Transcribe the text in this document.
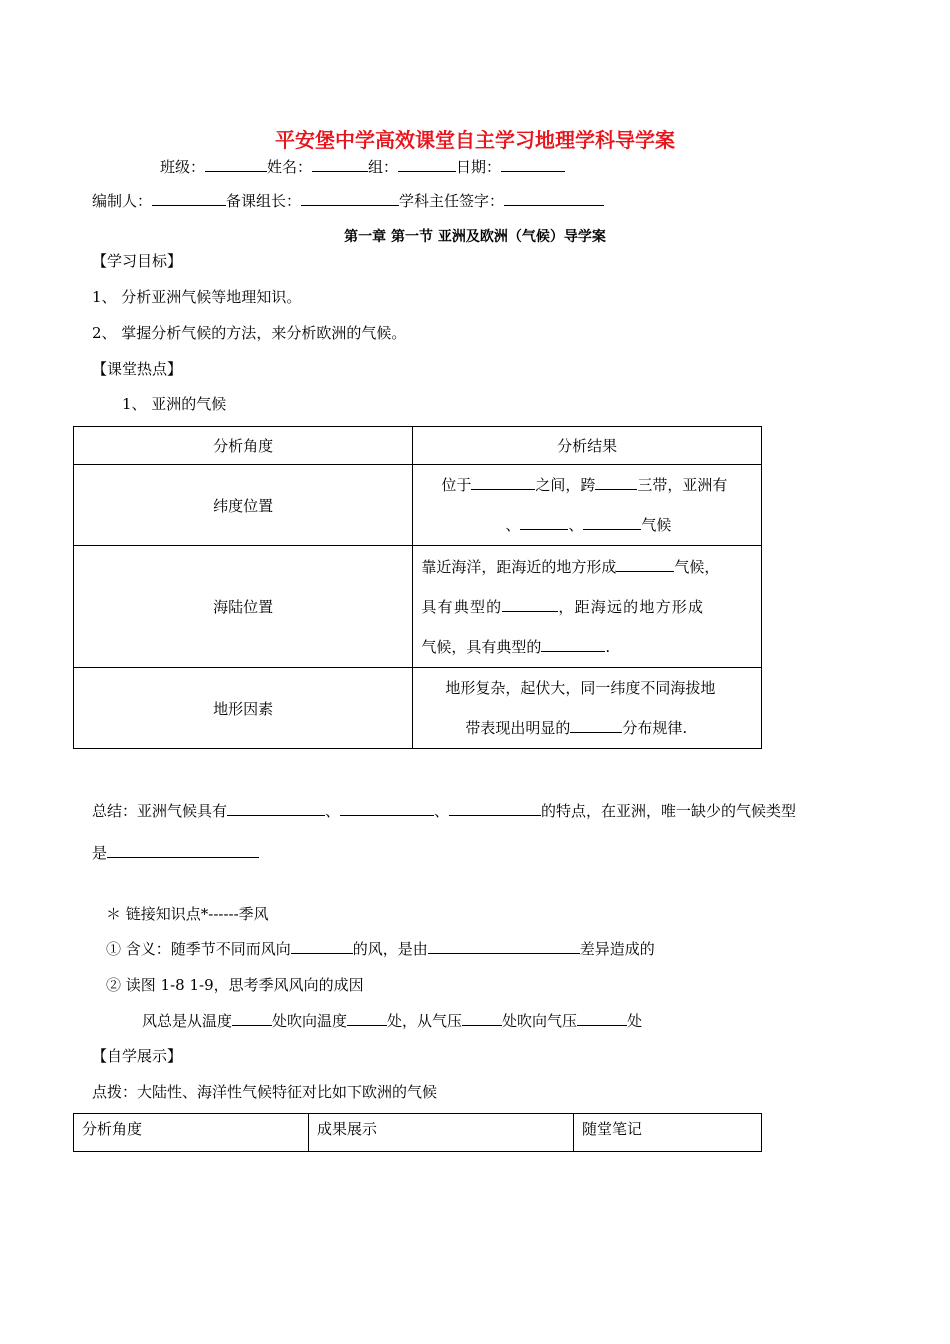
平安堡中学高效课堂自主学习地理学科导学案
班级：	姓名：	组：	日期：
编制人：	备课组长：	学科主任签字：
第一章 第一节 亚洲及欧洲（气候）导学案
【学习目标】
1、 分析亚洲气候等地理知识。
2、 掌握分析气候的方法，来分析欧洲的气候。
【课堂热点】
1、 亚洲的气候
分析角度	分析结果
纬度位置	位于 之间，跨 三带，亚洲有
、 、 气候

海陆位置	靠近海洋，距海近的地方形成 气候，
具有典型的 ，距海远的地方形成
气候，具有典型的 .

地形因素	地形复杂，起伏大，同一纬度不同海拔地
带表现出明显的 分布规律.
总结：亚洲气候具有	、	、	的特点，在亚洲，唯一缺少的气候类型
是
＊ 链接知识点*------季风
① 含义：随季节不同而风向	的风，是由	差异造成的
② 读图 1-8 1-9，思考季风风向的成因
风总是从温度	处吹向温度	处，从气压	处吹向气压	处
【自学展示】
点拨：大陆性、海洋性气候特征对比如下欧洲的气候
分析角度	成果展示	随堂笔记
